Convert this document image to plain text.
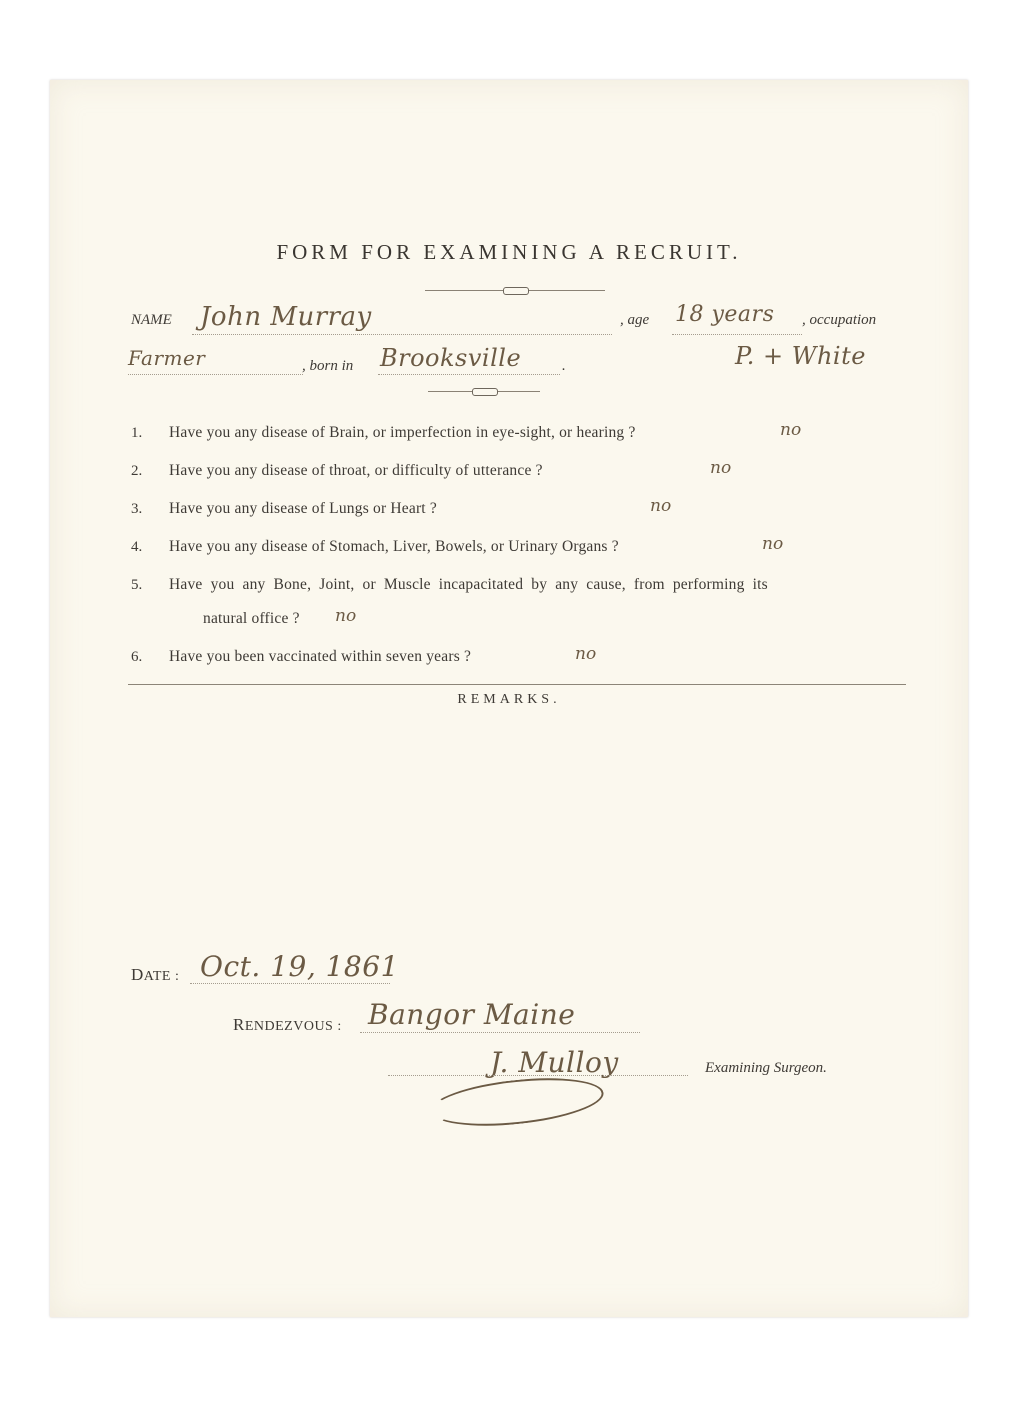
FORM FOR EXAMINING A RECRUIT.
NAME John Murray	, age 18 years , occupation
Farmer	, born in Brooksville	.	P. + White
1. Have you any disease of Brain, or imperfection in eye-sight, or hearing ?	no
2. Have you any disease of throat, or difficulty of utterance ?	no
3. Have you any disease of Lungs or Heart ?	no
4. Have you any disease of Stomach, Liver, Bowels, or Urinary Organs ?	no
5. Have you any Bone, Joint, or Muscle incapacitated by any cause, from performing its
natural office ? no
6. Have you been vaccinated within seven years ?	no
REMARKS.
DATE : Oct. 19, 1861
RENDEZVOUS : Bangor Maine
J. Mulloy	Examining Surgeon.
